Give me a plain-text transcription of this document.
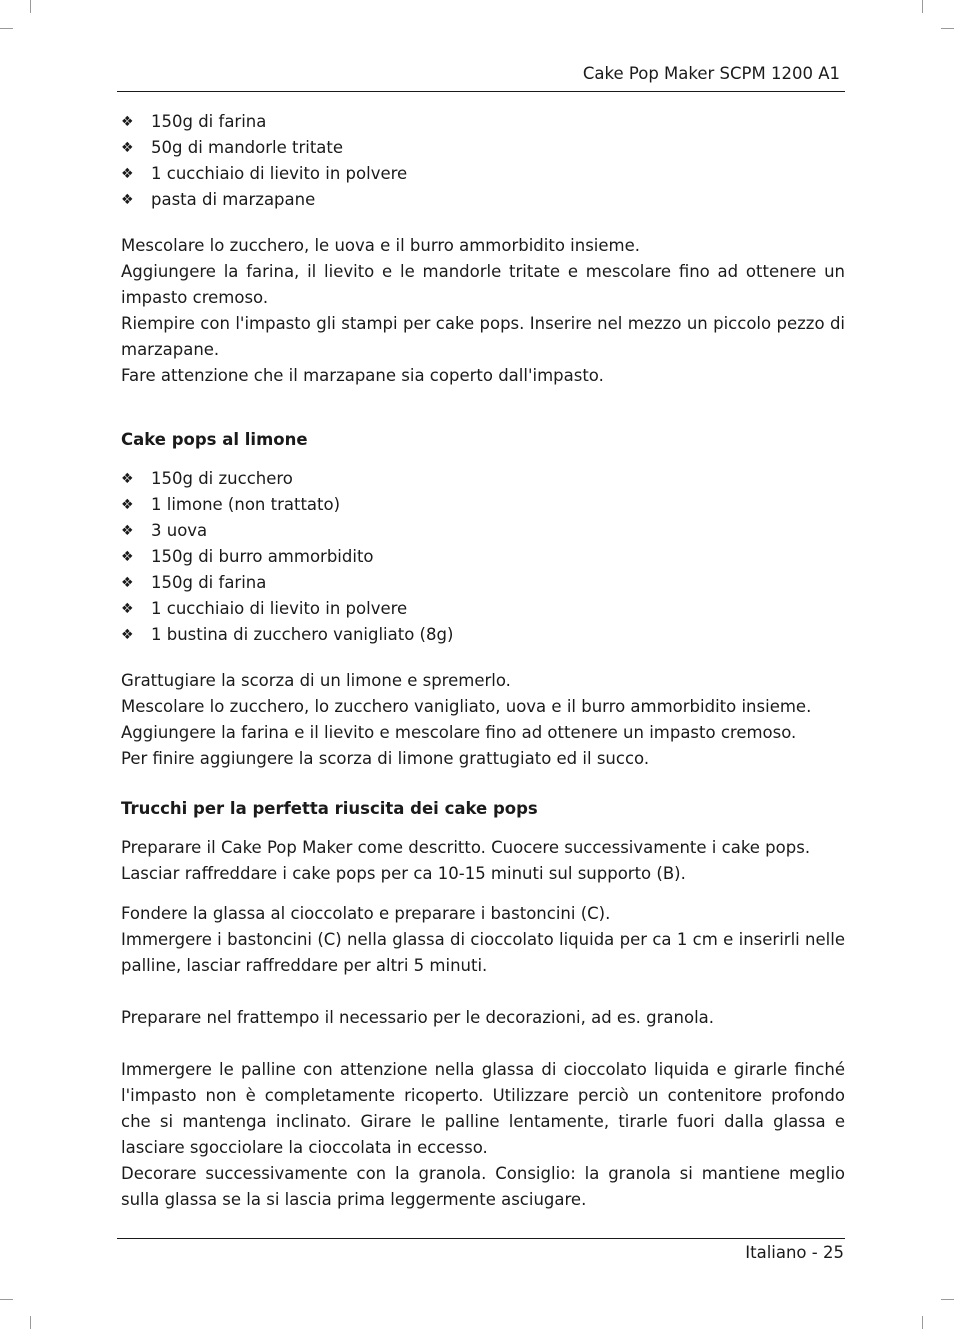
Cake Pop Maker SCPM 1200 A1
❖ 150g di farina
❖ 50g di mandorle tritate
❖ 1 cucchiaio di lievito in polvere
❖ pasta di marzapane

Mescolare lo zucchero, le uova e il burro ammorbidito insieme.

Aggiungere la farina, il lievito e le mandorle tritate e mescolare fino ad ottenere un impasto cremoso.

Riempire con l'impasto gli stampi per cake pops. Inserire nel mezzo un piccolo pezzo di marzapane.

Fare attenzione che il marzapane sia coperto dall'impasto.

Cake pops al limone
❖ 150g di zucchero
❖ 1 limone (non trattato)
❖ 3 uova
❖ 150g di burro ammorbidito
❖ 150g di farina
❖ 1 cucchiaio di lievito in polvere
❖ 1 bustina di zucchero vanigliato (8g)

Grattugiare la scorza di un limone e spremerlo.

Mescolare lo zucchero, lo zucchero vanigliato, uova e il burro ammorbidito insieme.

Aggiungere la farina e il lievito e mescolare fino ad ottenere un impasto cremoso.

Per finire aggiungere la scorza di limone grattugiato ed il succo.

Trucchi per la perfetta riuscita dei cake pops

Preparare il Cake Pop Maker come descritto. Cuocere successivamente i cake pops.

Lasciar raffreddare i cake pops per ca 10-15 minuti sul supporto (B).

Fondere la glassa al cioccolato e preparare i bastoncini (C).

Immergere i bastoncini (C) nella glassa di cioccolato liquida per ca 1 cm e inserirli nelle palline, lasciar raffreddare per altri 5 minuti.

Preparare nel frattempo il necessario per le decorazioni, ad es. granola.

Immergere le palline con attenzione nella glassa di cioccolato liquida e girarle finché l'impasto non è completamente ricoperto. Utilizzare perciò un contenitore profondo che si mantenga inclinato. Girare le palline lentamente, tirarle fuori dalla glassa e lasciare sgocciolare la cioccolata in eccesso.

Decorare successivamente con la granola. Consiglio: la granola si mantiene meglio sulla glassa se la si lascia prima leggermente asciugare.

Italiano - 25
